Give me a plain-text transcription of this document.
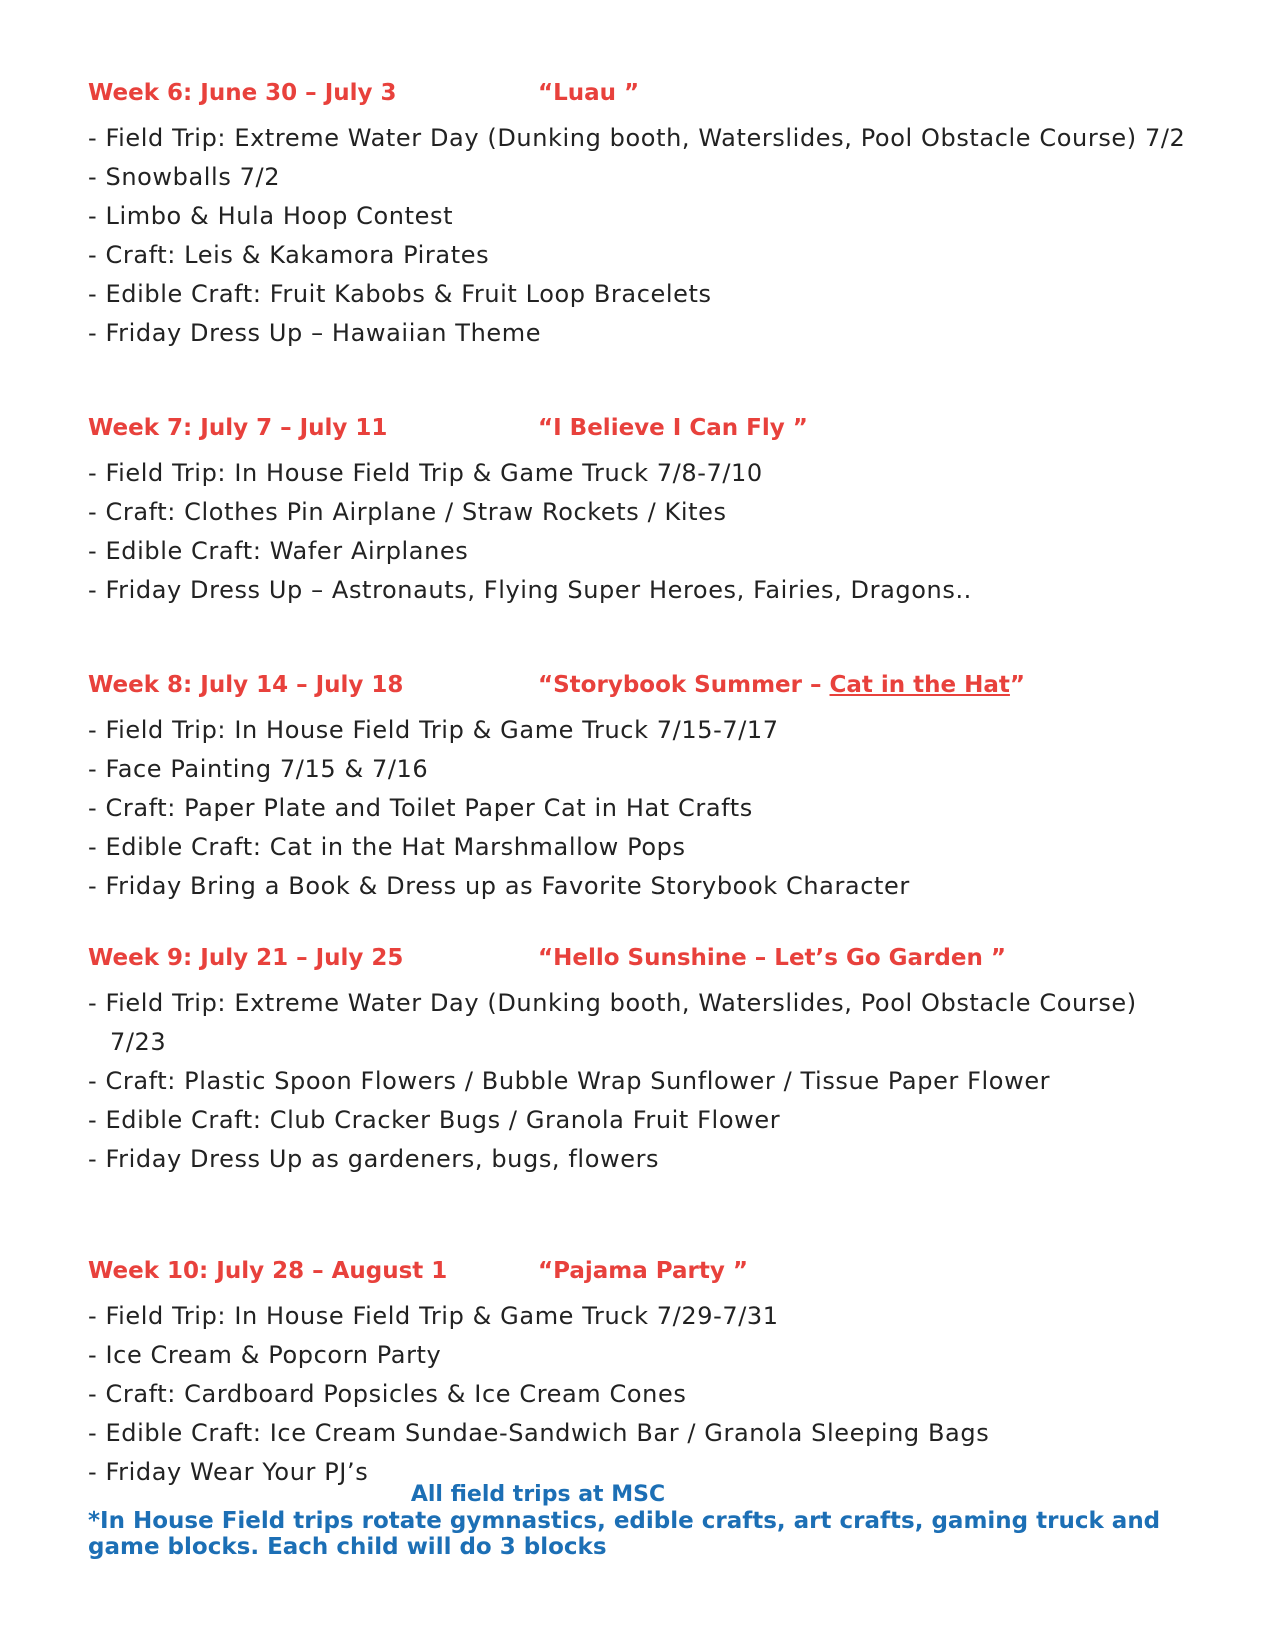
Week 6: June 30 – July 3	“Luau ”
- Field Trip: Extreme Water Day (Dunking booth, Waterslides, Pool Obstacle Course) 7/2
- Snowballs 7/2
- Limbo & Hula Hoop Contest
- Craft: Leis & Kakamora Pirates
- Edible Craft: Fruit Kabobs & Fruit Loop Bracelets
- Friday Dress Up – Hawaiian Theme
Week 7: July 7 – July 11	“I Believe I Can Fly ”
- Field Trip: In House Field Trip & Game Truck 7/8-7/10
- Craft: Clothes Pin Airplane / Straw Rockets / Kites
- Edible Craft: Wafer Airplanes
- Friday Dress Up – Astronauts, Flying Super Heroes, Fairies, Dragons..
Week 8: July 14 – July 18	“Storybook Summer – Cat in the Hat”
- Field Trip: In House Field Trip & Game Truck 7/15-7/17
- Face Painting 7/15 & 7/16
- Craft: Paper Plate and Toilet Paper Cat in Hat Crafts
- Edible Craft: Cat in the Hat Marshmallow Pops
- Friday Bring a Book & Dress up as Favorite Storybook Character
Week 9: July 21 – July 25	“Hello Sunshine – Let’s Go Garden ”
- Field Trip: Extreme Water Day (Dunking booth, Waterslides, Pool Obstacle Course) 7/23
- Craft: Plastic Spoon Flowers / Bubble Wrap Sunflower / Tissue Paper Flower
- Edible Craft: Club Cracker Bugs / Granola Fruit Flower
- Friday Dress Up as gardeners, bugs, flowers
Week 10: July 28 – August 1	“Pajama Party ”
- Field Trip: In House Field Trip & Game Truck 7/29-7/31
- Ice Cream & Popcorn Party
- Craft: Cardboard Popsicles & Ice Cream Cones
- Edible Craft: Ice Cream Sundae-Sandwich Bar / Granola Sleeping Bags
- Friday Wear Your PJ’s
All field trips at MSC
*In House Field trips rotate gymnastics, edible crafts, art crafts, gaming truck and game blocks. Each child will do 3 blocks
